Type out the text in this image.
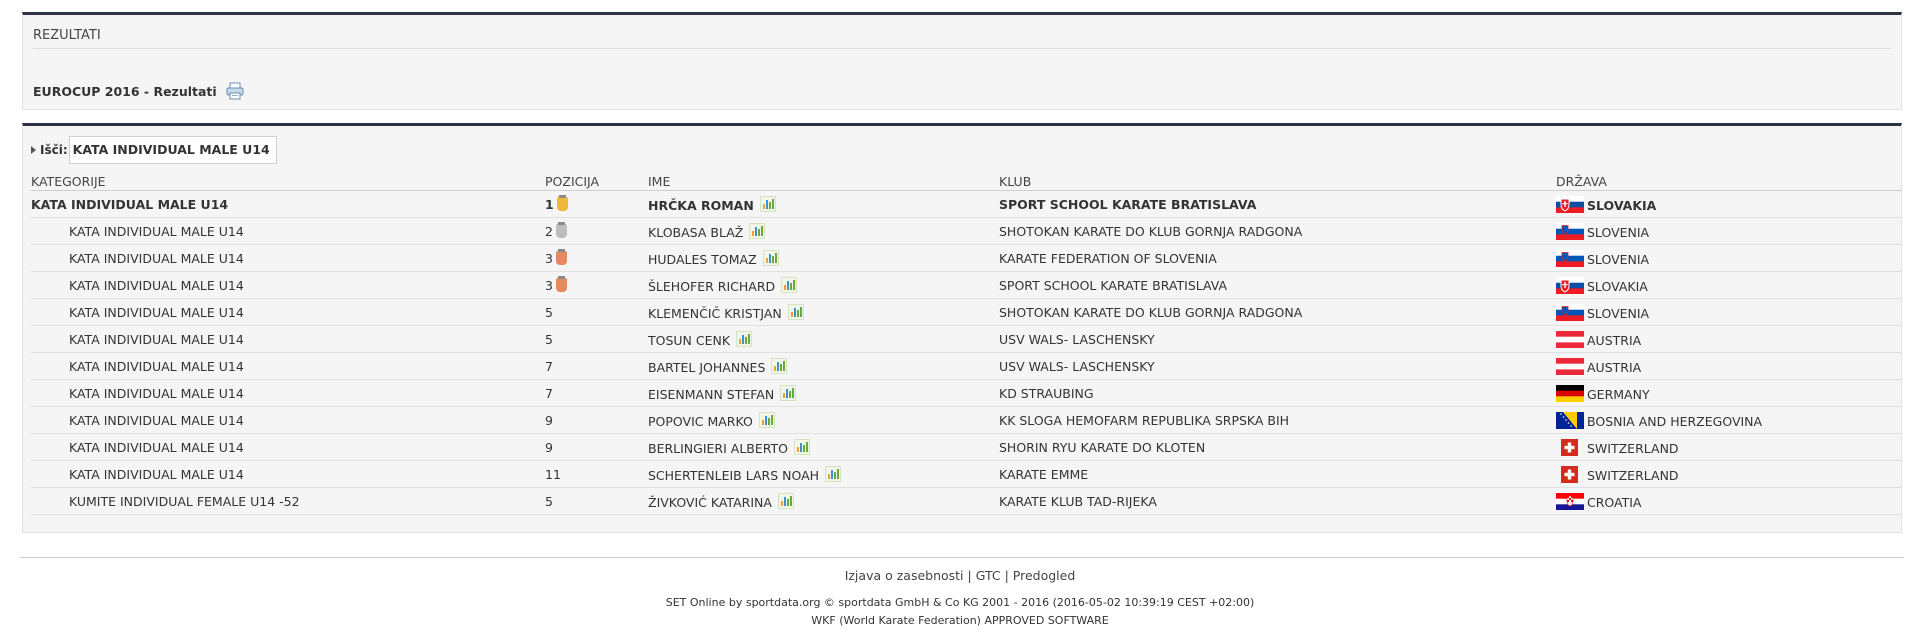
REZULTATI
EUROCUP 2016 - Rezultati
Išči: KATA INDIVIDUAL MALE U14
KATEGORIJE	POZICIJA	IME	KLUB	DRŽAVA
KATA INDIVIDUAL MALE U14	1	HRČKA ROMAN	SPORT SCHOOL KARATE BRATISLAVA	SLOVAKIA
KATA INDIVIDUAL MALE U14	2	KLOBASA BLAŽ	SHOTOKAN KARATE DO KLUB GORNJA RADGONA	SLOVENIA
KATA INDIVIDUAL MALE U14	3	HUDALES TOMAZ	KARATE FEDERATION OF SLOVENIA	SLOVENIA
KATA INDIVIDUAL MALE U14	3	ŠLEHOFER RICHARD	SPORT SCHOOL KARATE BRATISLAVA	SLOVAKIA
KATA INDIVIDUAL MALE U14	5	KLEMENČIČ KRISTJAN	SHOTOKAN KARATE DO KLUB GORNJA RADGONA	SLOVENIA
KATA INDIVIDUAL MALE U14	5	TOSUN CENK	USV WALS- LASCHENSKY	AUSTRIA
KATA INDIVIDUAL MALE U14	7	BARTEL JOHANNES	USV WALS- LASCHENSKY	AUSTRIA
KATA INDIVIDUAL MALE U14	7	EISENMANN STEFAN	KD STRAUBING	GERMANY
KATA INDIVIDUAL MALE U14	9	POPOVIC MARKO	KK SLOGA HEMOFARM REPUBLIKA SRPSKA BIH	BOSNIA AND HERZEGOVINA
KATA INDIVIDUAL MALE U14	9	BERLINGIERI ALBERTO	SHORIN RYU KARATE DO KLOTEN	SWITZERLAND
KATA INDIVIDUAL MALE U14	11	SCHERTENLEIB LARS NOAH	KARATE EMME	SWITZERLAND
KUMITE INDIVIDUAL FEMALE U14 -52	5	ŽIVKOVIĆ KATARINA	KARATE KLUB TAD-RIJEKA	CROATIA
Izjava o zasebnosti | GTC | Predogled
SET Online by sportdata.org © sportdata GmbH & Co KG 2001 - 2016 (2016-05-02 10:39:19 CEST +02:00)
WKF (World Karate Federation) APPROVED SOFTWARE
